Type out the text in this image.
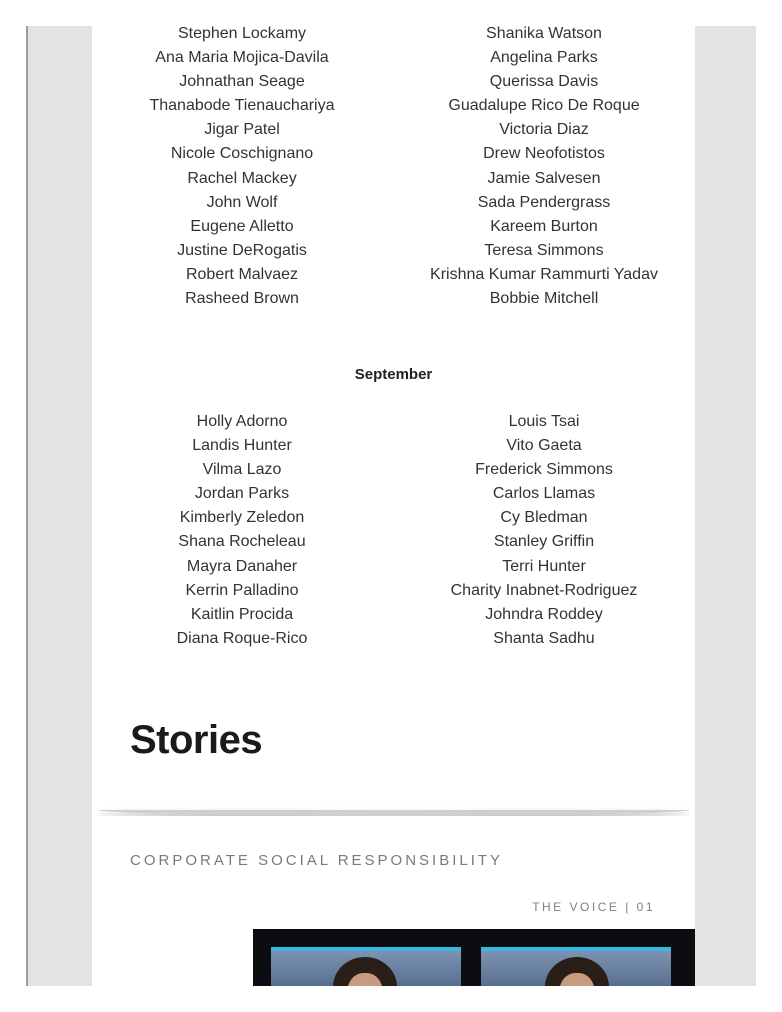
Stephen Lockamy
Ana Maria Mojica-Davila
Johnathan Seage
Thanabode Tienauchariya
Jigar Patel
Nicole Coschignano
Rachel Mackey
John Wolf
Eugene Alletto
Justine DeRogatis
Robert Malvaez
Rasheed Brown
Shanika Watson
Angelina Parks
Querissa Davis
Guadalupe Rico De Roque
Victoria Diaz
Drew Neofotistos
Jamie Salvesen
Sada Pendergrass
Kareem Burton
Teresa Simmons
Krishna Kumar Rammurti Yadav
Bobbie Mitchell
September
Holly Adorno
Landis Hunter
Vilma Lazo
Jordan Parks
Kimberly Zeledon
Shana Rocheleau
Mayra Danaher
Kerrin Palladino
Kaitlin Procida
Diana Roque-Rico
Louis Tsai
Vito Gaeta
Frederick Simmons
Carlos Llamas
Cy Bledman
Stanley Griffin
Terri Hunter
Charity Inabnet-Rodriguez
Johndra Roddey
Shanta Sadhu
Stories
CORPORATE SOCIAL RESPONSIBILITY
THE VOICE | 01
